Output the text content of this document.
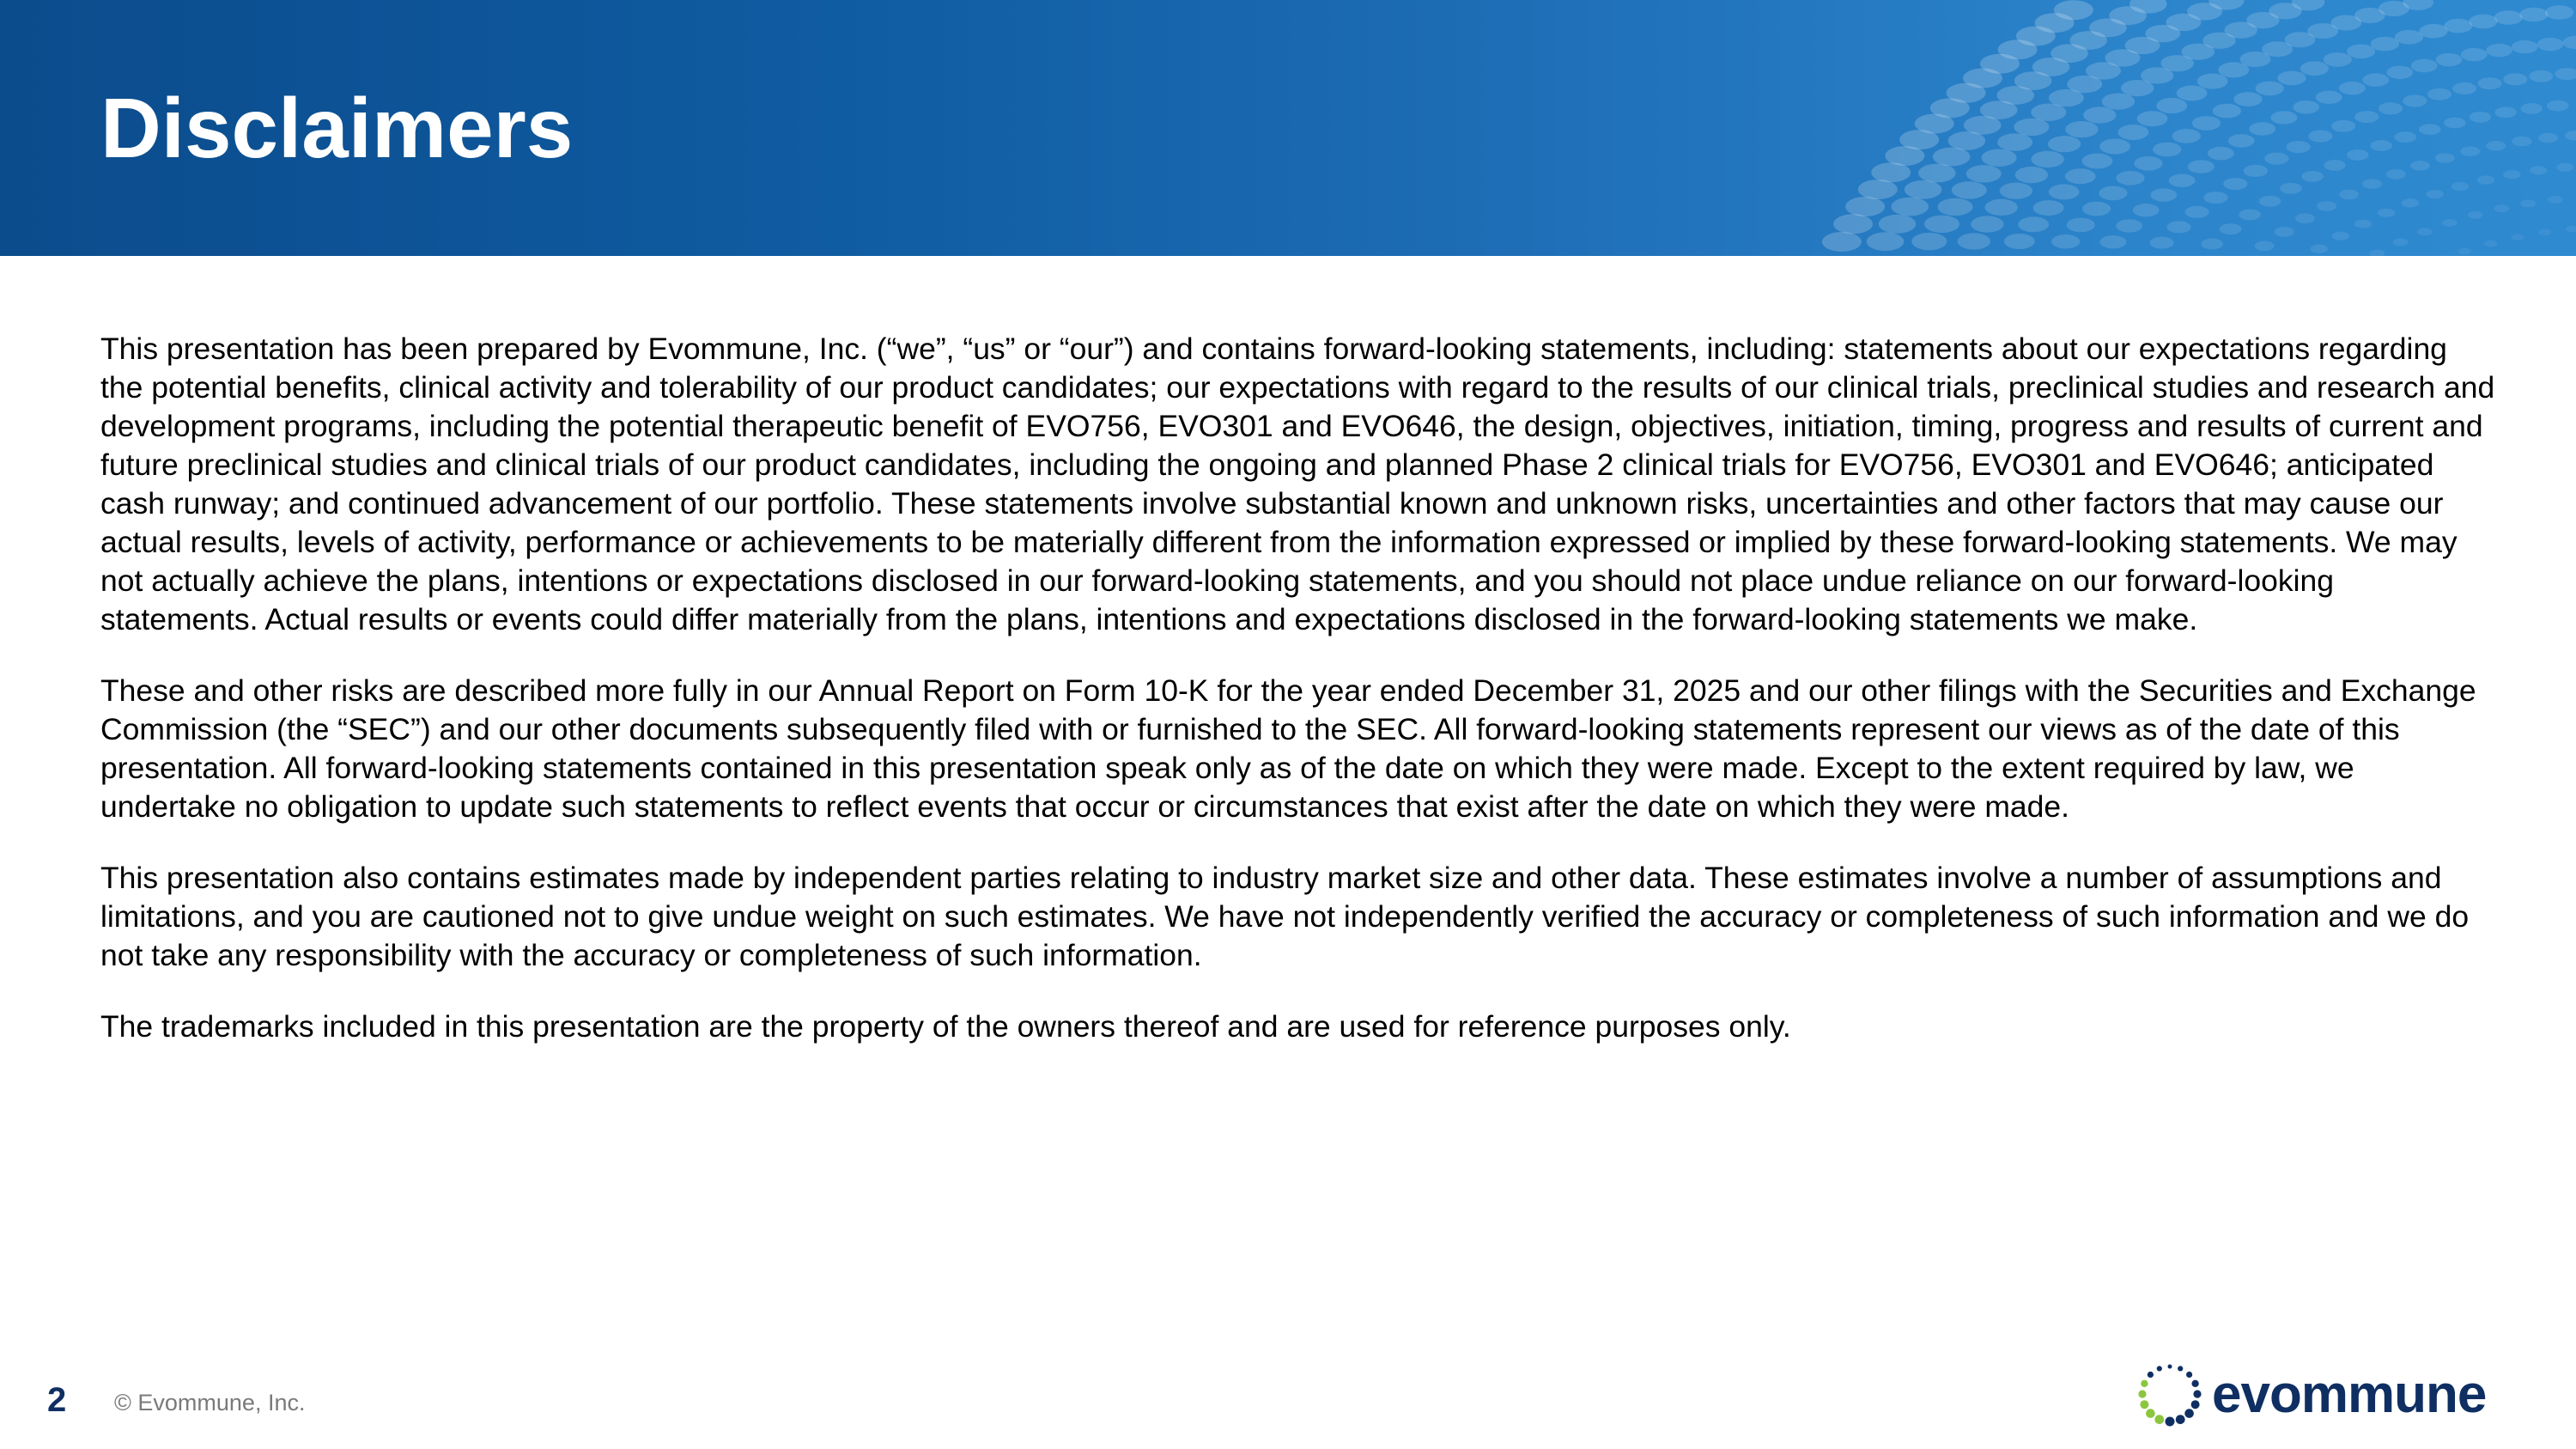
Disclaimers

This presentation has been prepared by Evommune, Inc. (“we”, “us” or “our”) and contains forward-looking statements, including: statements about our expectations regarding the potential benefits, clinical activity and tolerability of our product candidates; our expectations with regard to the results of our clinical trials, preclinical studies and research and development programs, including the potential therapeutic benefit of EVO756, EVO301 and EVO646, the design, objectives, initiation, timing, progress and results of current and future preclinical studies and clinical trials of our product candidates, including the ongoing and planned Phase 2 clinical trials for EVO756, EVO301 and EVO646; anticipated cash runway; and continued advancement of our portfolio. These statements involve substantial known and unknown risks, uncertainties and other factors that may cause our actual results, levels of activity, performance or achievements to be materially different from the information expressed or implied by these forward-looking statements. We may not actually achieve the plans, intentions or expectations disclosed in our forward-looking statements, and you should not place undue reliance on our forward-looking statements. Actual results or events could differ materially from the plans, intentions and expectations disclosed in the forward-looking statements we make.

These and other risks are described more fully in our Annual Report on Form 10-K for the year ended December 31, 2025 and our other filings with the Securities and Exchange Commission (the “SEC”) and our other documents subsequently filed with or furnished to the SEC. All forward-looking statements represent our views as of the date of this presentation. All forward-looking statements contained in this presentation speak only as of the date on which they were made. Except to the extent required by law, we undertake no obligation to update such statements to reflect events that occur or circumstances that exist after the date on which they were made.

This presentation also contains estimates made by independent parties relating to industry market size and other data. These estimates involve a number of assumptions and limitations, and you are cautioned not to give undue weight on such estimates. We have not independently verified the accuracy or completeness of such information and we do not take any responsibility with the accuracy or completeness of such information.

The trademarks included in this presentation are the property of the owners thereof and are used for reference purposes only.

2 © Evommune, Inc.	evommune
